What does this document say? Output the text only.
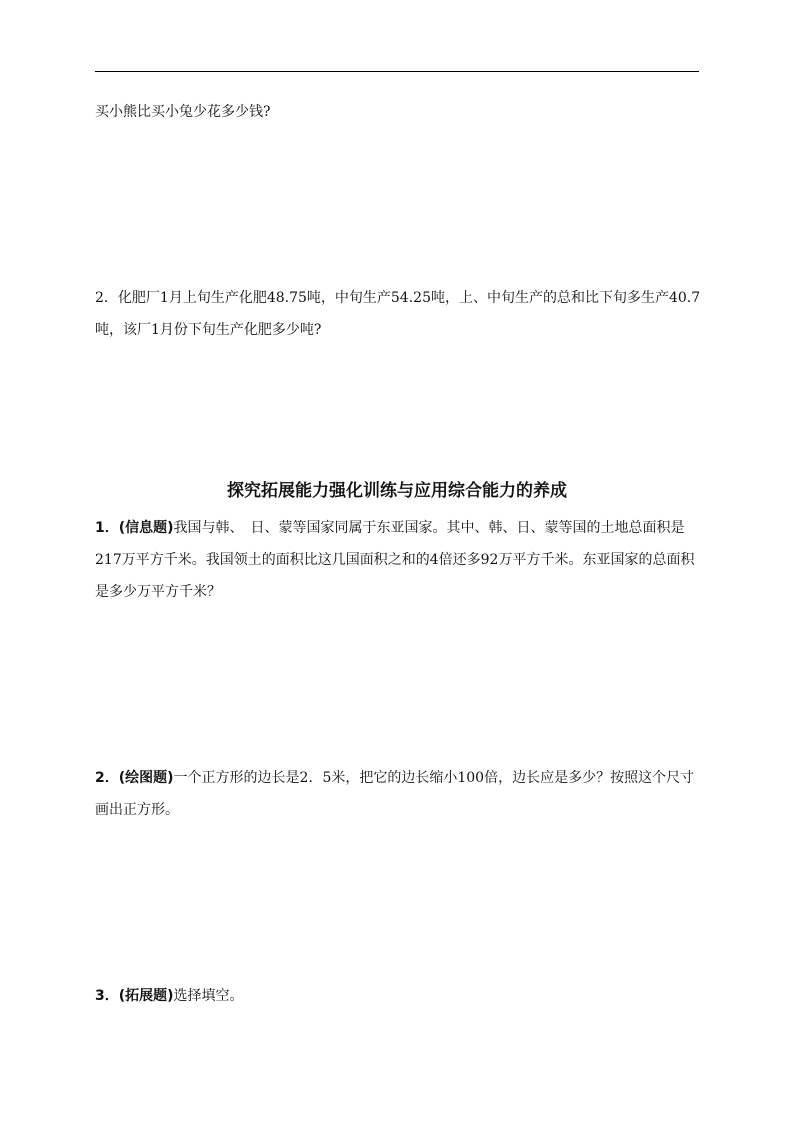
买小熊比买小兔少花多少钱?

2．化肥厂1月上旬生产化肥48.75吨，中旬生产54.25吨，上、中旬生产的总和比下旬多生产40.7吨，该厂1月份下旬生产化肥多少吨?

探究拓展能力强化训练与应用综合能力的养成

1．(信息题)我国与韩、　日、蒙等国家同属于东亚国家。其中、韩、日、蒙等国的土地总面积是217万平方千米。我国领土的面积比这几国面积之和的4倍还多92万平方千米。东亚国家的总面积是多少万平方千米？

2．(绘图题)一个正方形的边长是2．5米，把它的边长缩小100倍，边长应是多少？按照这个尺寸画出正方形。

3．(拓展题)选择填空。
